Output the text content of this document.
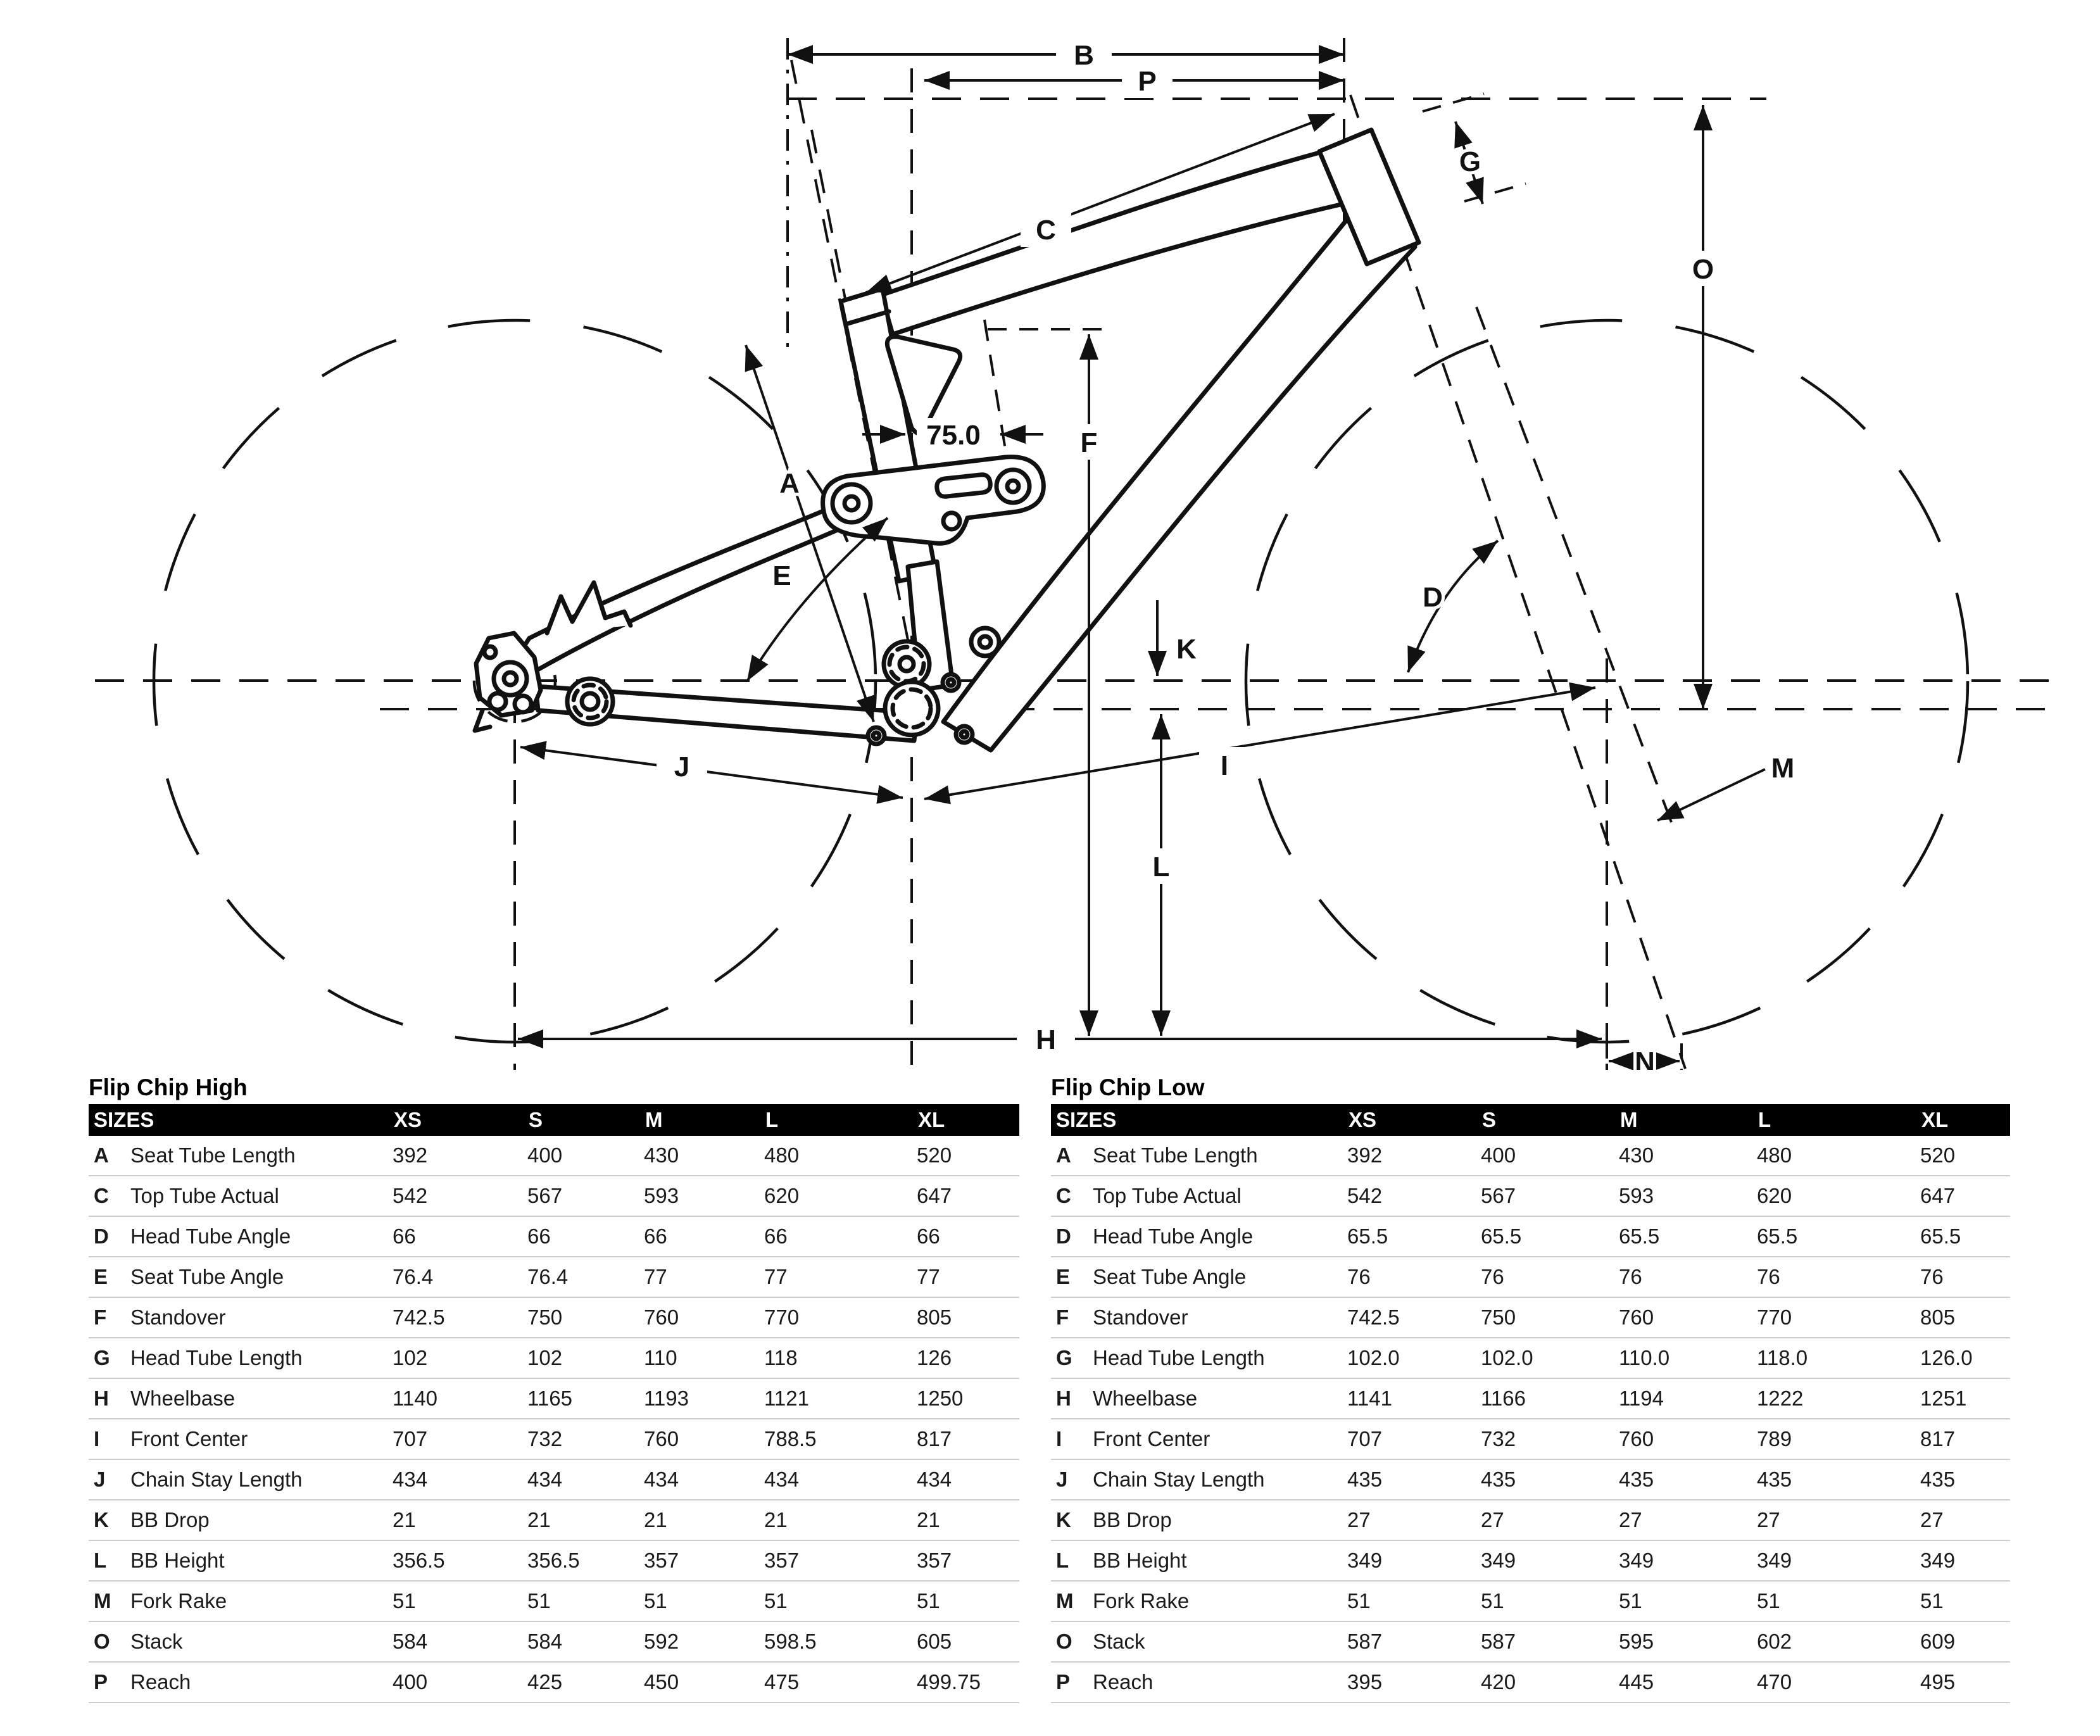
A
B
C
D
E
F
G
H
I
J
K
L
M
N
O
P
75.0
Flip Chip High
SIZES	XS	S	M	L	XL
A	Seat Tube Length	392	400	430	480	520
C	Top Tube Actual	542	567	593	620	647
D	Head Tube Angle	66	66	66	66	66
E	Seat Tube Angle	76.4	76.4	77	77	77
F	Standover	742.5	750	760	770	805
G Head Tube Length	102	102	110	118	126
H	Wheelbase	1140	1165	1193	1121	1250
I	Front Center	707	732	760	788.5	817
J	Chain Stay Length	434	434	434	434	434
K	BB Drop	21	21	21	21	21
L	BB Height	356.5	356.5	357	357	357
M Fork Rake	51	51	51	51	51
O Stack	584	584	592	598.5	605
P	Reach	400	425	450	475	499.75
Flip Chip Low
SIZES	XS	S	M	L	XL
A	Seat Tube Length	392	400	430	480	520
C	Top Tube Actual	542	567	593	620	647
D	Head Tube Angle	65.5	65.5	65.5	65.5	65.5
E	Seat Tube Angle	76	76	76	76	76
F	Standover	742.5	750	760	770	805
G Head Tube Length	102.0	102.0	110.0	118.0	126.0
H	Wheelbase	1141	1166	1194	1222	1251
I	Front Center	707	732	760	789	817
J	Chain Stay Length	435	435	435	435	435
K	BB Drop	27	27	27	27	27
L	BB Height	349	349	349	349	349
M Fork Rake	51	51	51	51	51
O Stack	587	587	595	602	609
P	Reach	395	420	445	470	495
